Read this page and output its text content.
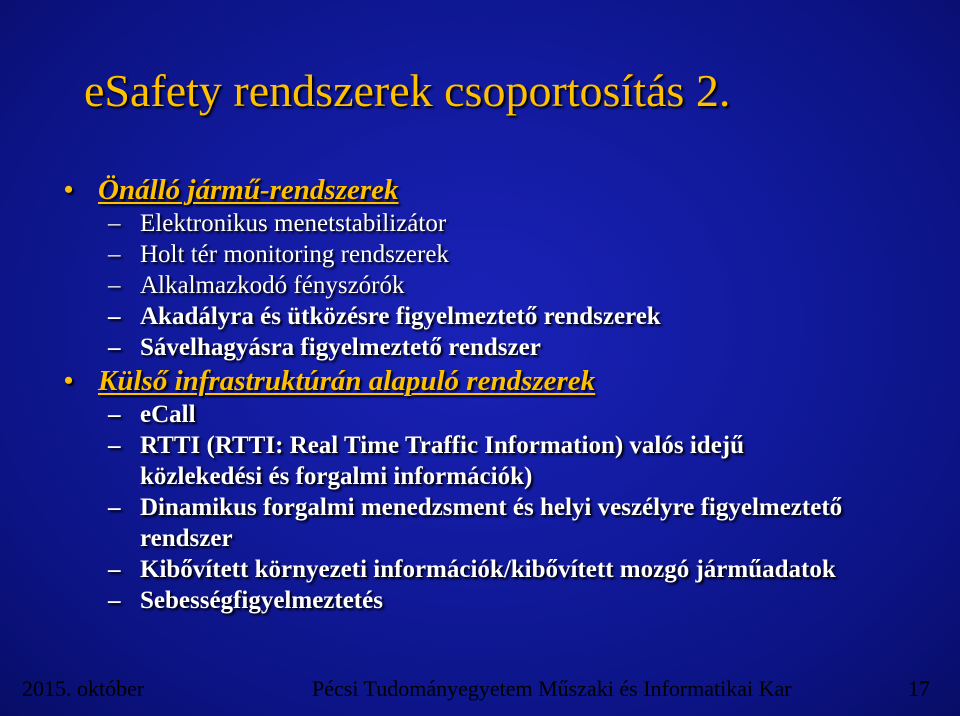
eSafety rendszerek csoportosítás 2.
• Önálló jármű-rendszerek
– Elektronikus menetstabilizátor
– Holt tér monitoring rendszerek
– Alkalmazkodó fényszórók
– Akadályra és ütközésre figyelmeztető rendszerek
– Sávelhagyásra figyelmeztető rendszer
• Külső infrastruktúrán alapuló rendszerek
– eCall
– RTTI (RTTI: Real Time Traffic Information) valós idejű közlekedési és forgalmi információk)
– Dinamikus forgalmi menedzsment és helyi veszélyre figyelmeztető rendszer
– Kibővített környezeti információk/kibővített mozgó járműadatok
– Sebességfigyelmeztetés
2015. október	Pécsi Tudományegyetem Műszaki és Informatikai Kar	17
